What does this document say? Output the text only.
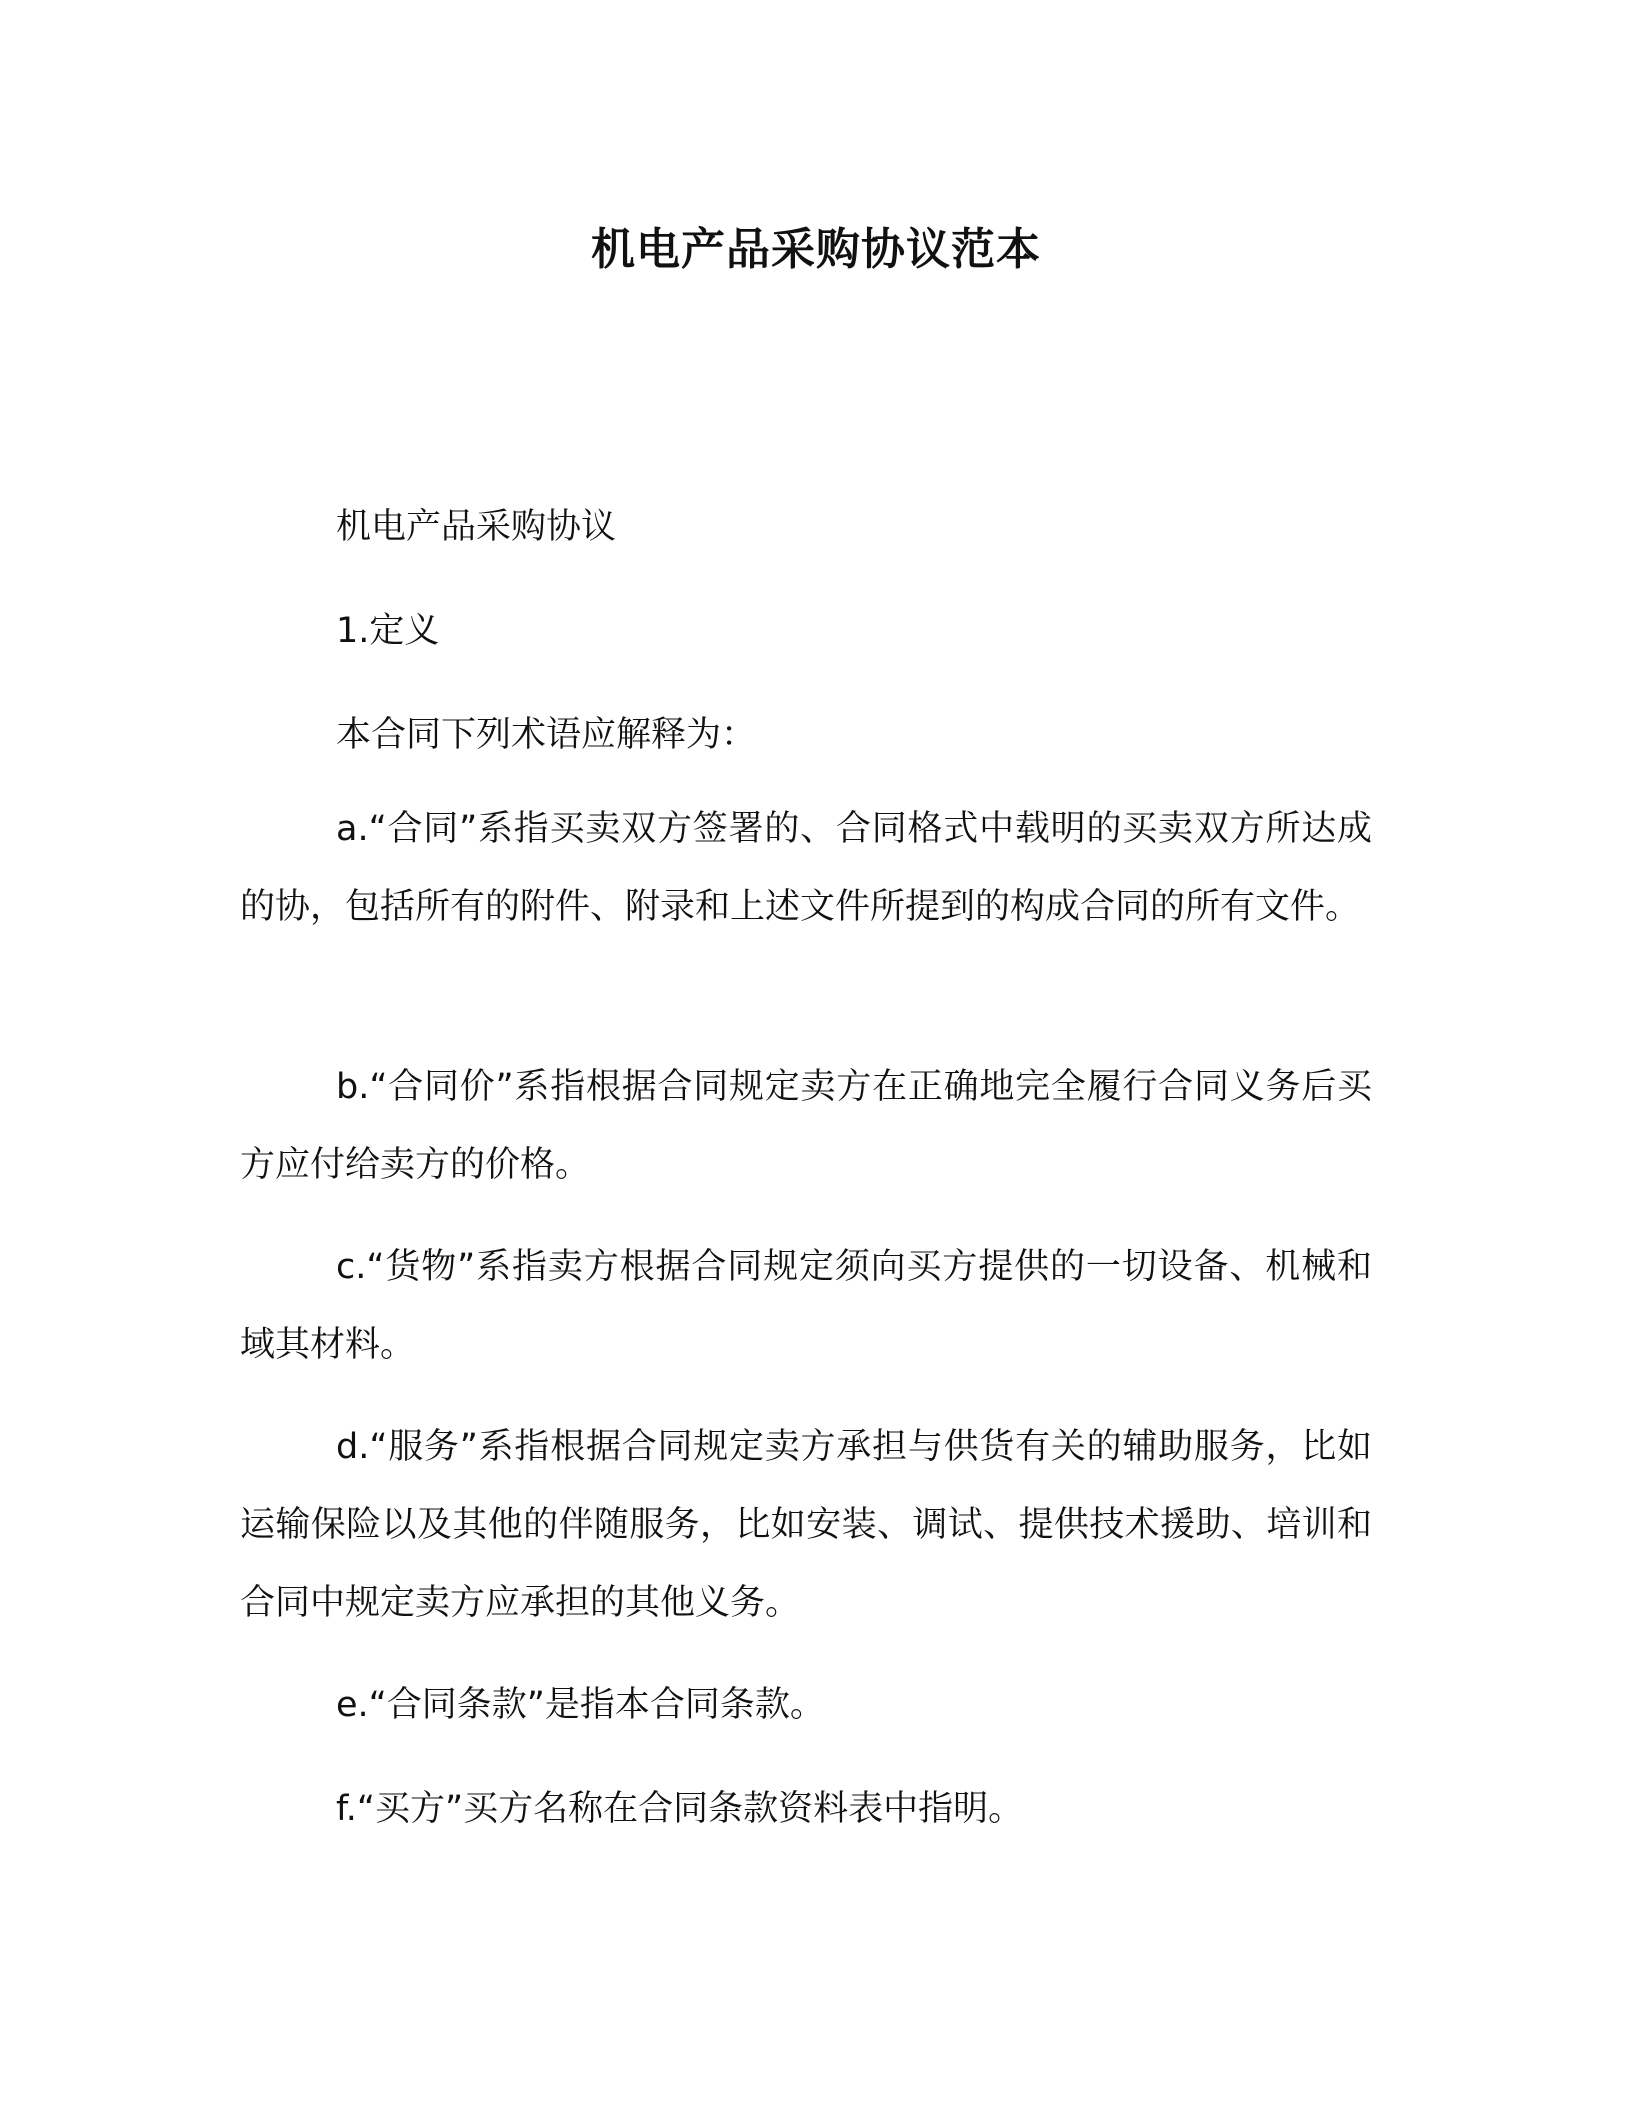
机电产品采购协议范本

机电产品采购协议

1.定义

本合同下列术语应解释为：

a.“合同”系指买卖双方签署的、合同格式中载明的买卖双方所达成的协，包括所有的附件、附录和上述文件所提到的构成合同的所有文件。

b.“合同价”系指根据合同规定卖方在正确地完全履行合同义务后买方应付给卖方的价格。

c.“货物”系指卖方根据合同规定须向买方提供的一切设备、机械和域其材料。

d.“服务”系指根据合同规定卖方承担与供货有关的辅助服务，比如运输保险以及其他的伴随服务，比如安装、调试、提供技术援助、培训和合同中规定卖方应承担的其他义务。

e.“合同条款”是指本合同条款。

f.“买方”买方名称在合同条款资料表中指明。
